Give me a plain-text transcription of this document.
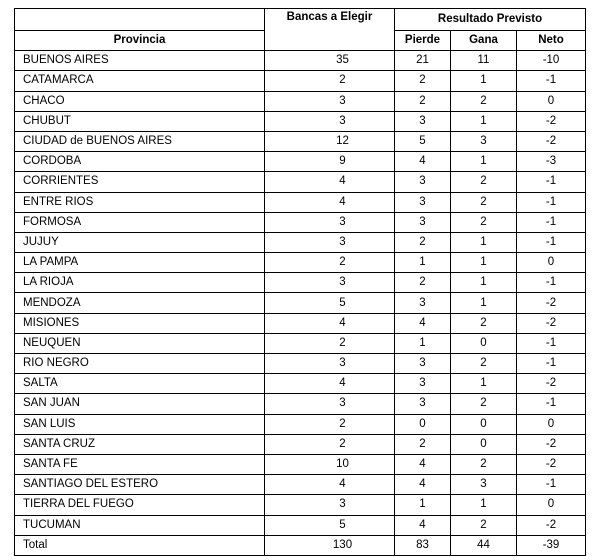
	Bancas a Elegir	Resultado Previsto		
Provincia		Pierde	Gana	Neto
BUENOS AIRES	35	21	11	-10
CATAMARCA	2	2	1	-1
CHACO	3	2	2	0
CHUBUT	3	3	1	-2
CIUDAD de BUENOS AIRES	12	5	3	-2
CORDOBA	9	4	1	-3
CORRIENTES	4	3	2	-1
ENTRE RIOS	4	3	2	-1
FORMOSA	3	3	2	-1
JUJUY	3	2	1	-1
LA PAMPA	2	1	1	0
LA RIOJA	3	2	1	-1
MENDOZA	5	3	1	-2
MISIONES	4	4	2	-2
NEUQUEN	2	1	0	-1
RIO NEGRO	3	3	2	-1
SALTA	4	3	1	-2
SAN JUAN	3	3	2	-1
SAN LUIS	2	0	0	0
SANTA CRUZ	2	2	0	-2
SANTA FE	10	4	2	-2
SANTIAGO DEL ESTERO	4	4	3	-1
TIERRA DEL FUEGO	3	1	1	0
TUCUMAN	5	4	2	-2
Total	130	83	44	-39
